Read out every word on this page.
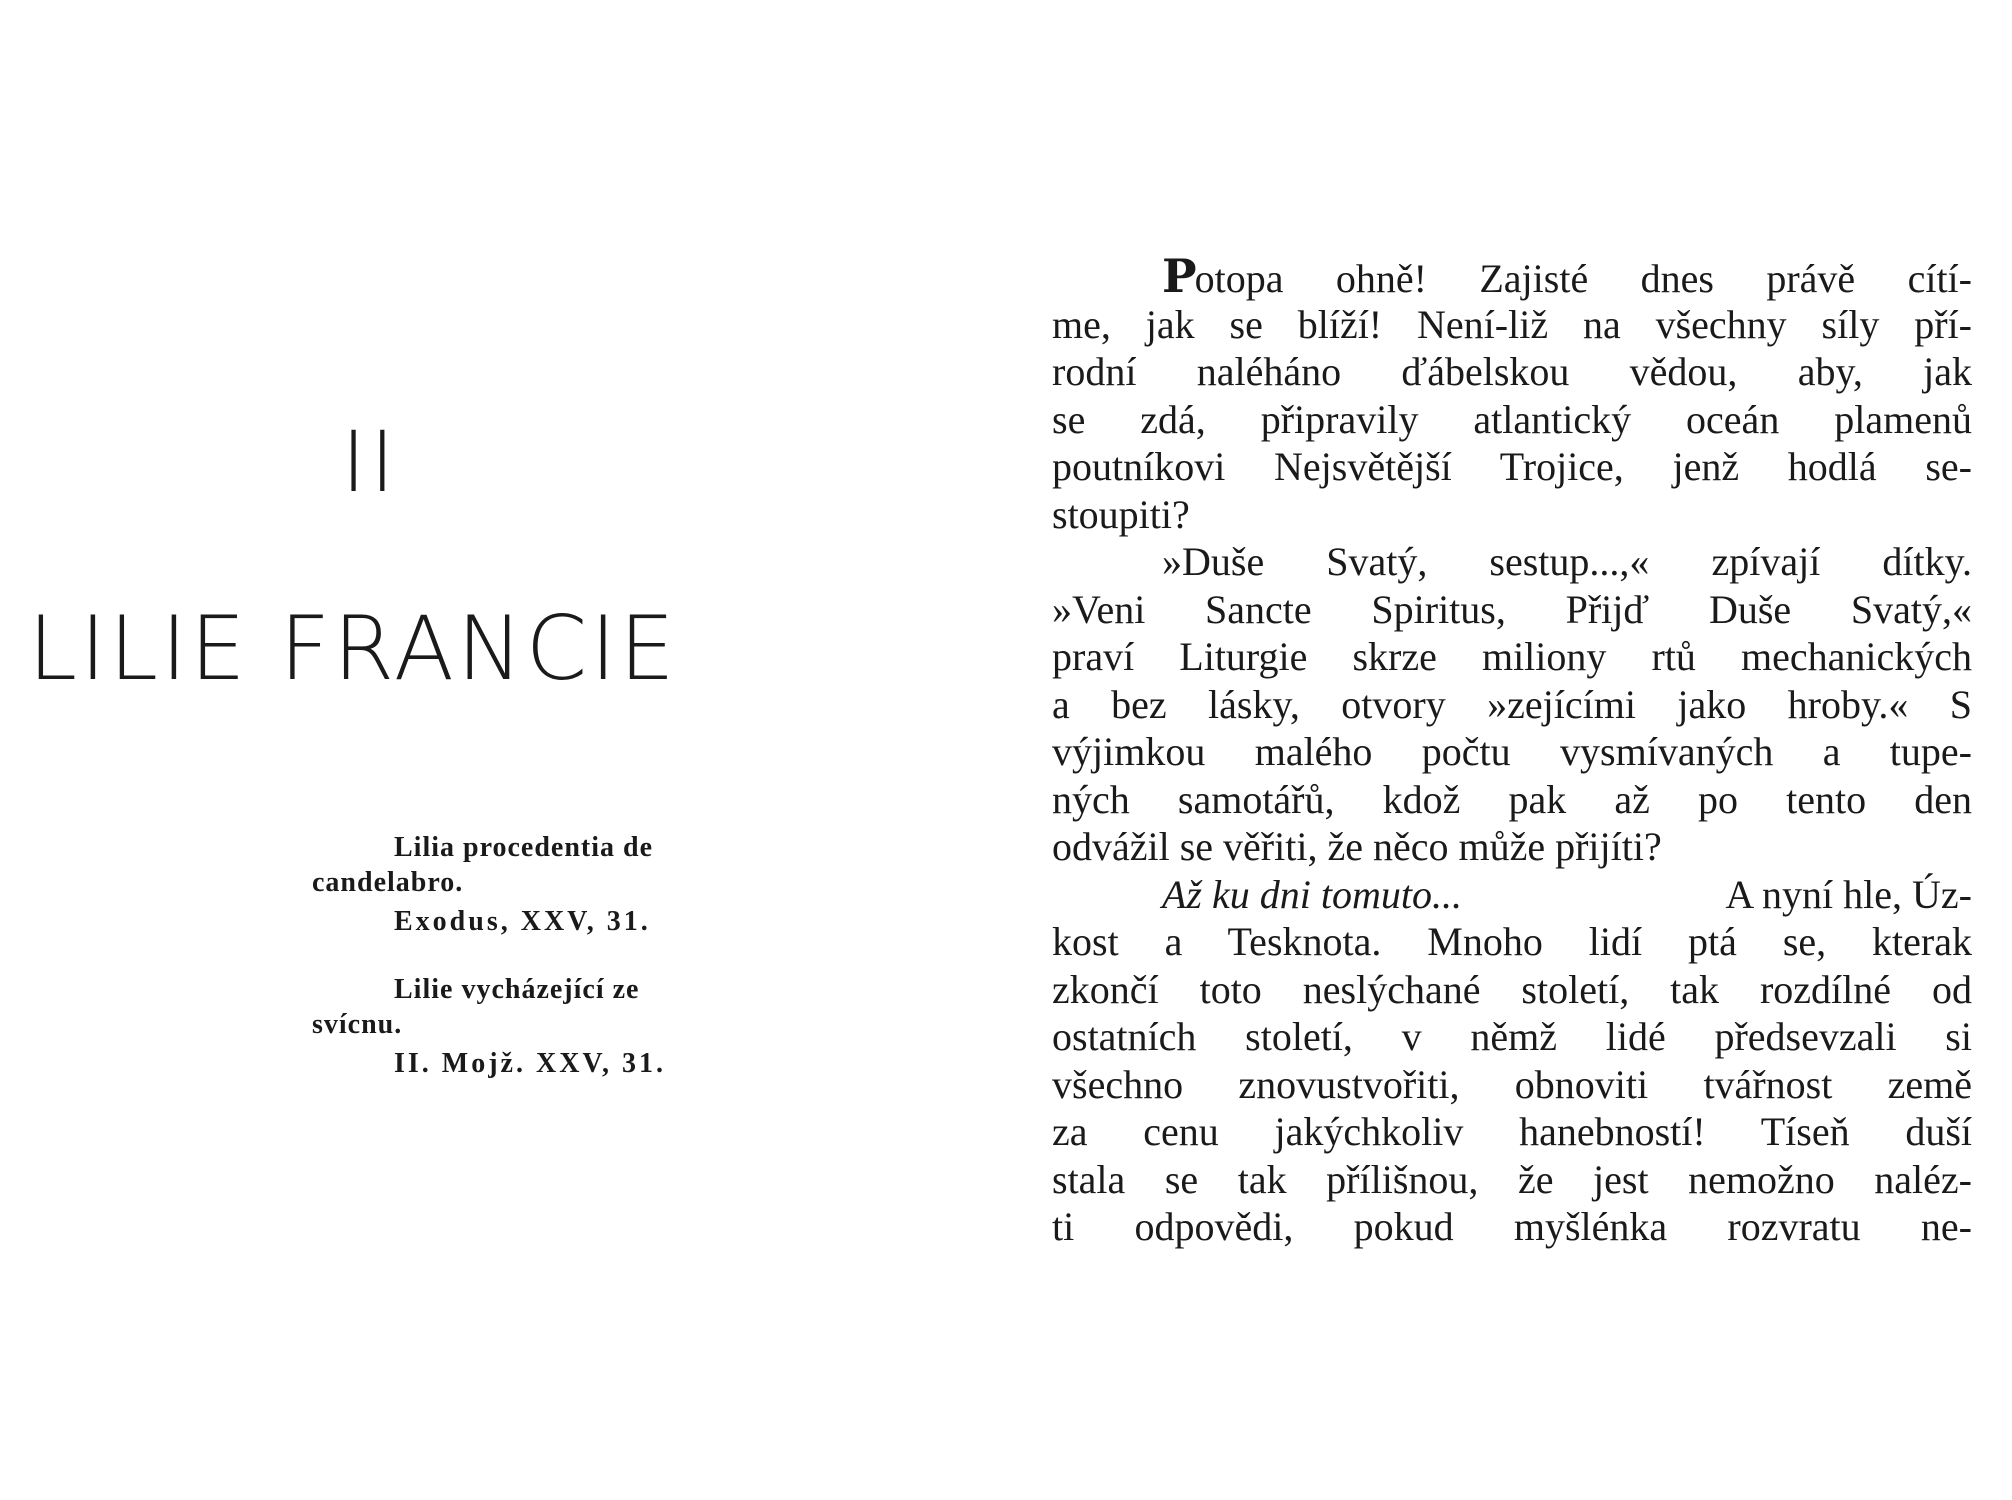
II
LILIE FRANCIE
Lilia procedentia de
candelabro.
Exodus, XXV, 31.
Lilie vycházející ze
svícnu.
II. Mojž. XXV, 31.
Potopa ohně! Zajisté dnes právě cítí-
me, jak se blíží! Není-liž na všechny síly pří-
rodní naléháno ďábelskou vědou, aby, jak
se zdá, připravily atlantický oceán plamenů
poutníkovi Nejsvětější Trojice, jenž hodlá se-
stoupiti?
»Duše Svatý, sestup...,« zpívají dítky.
»Veni Sancte Spiritus, Přijď Duše Svatý,«
praví Liturgie skrze miliony rtů mechanických
a bez lásky, otvory »zejícími jako hroby.« S
výjimkou malého počtu vysmívaných a tupe-
ných samotářů, kdož pak až po tento den
odvážil se věřiti, že něco může přijíti?
Až ku dni tomuto...	A nyní hle, Úz-
kost a Tesknota. Mnoho lidí ptá se, kterak
zkončí toto neslýchané století, tak rozdílné od
ostatních století, v němž lidé předsevzali si
všechno znovustvořiti, obnoviti tvářnost země
za cenu jakýchkoliv hanebností! Tíseň duší
stala se tak přílišnou, že jest nemožno naléz-
ti odpovědi, pokud myšlénka rozvratu ne-
